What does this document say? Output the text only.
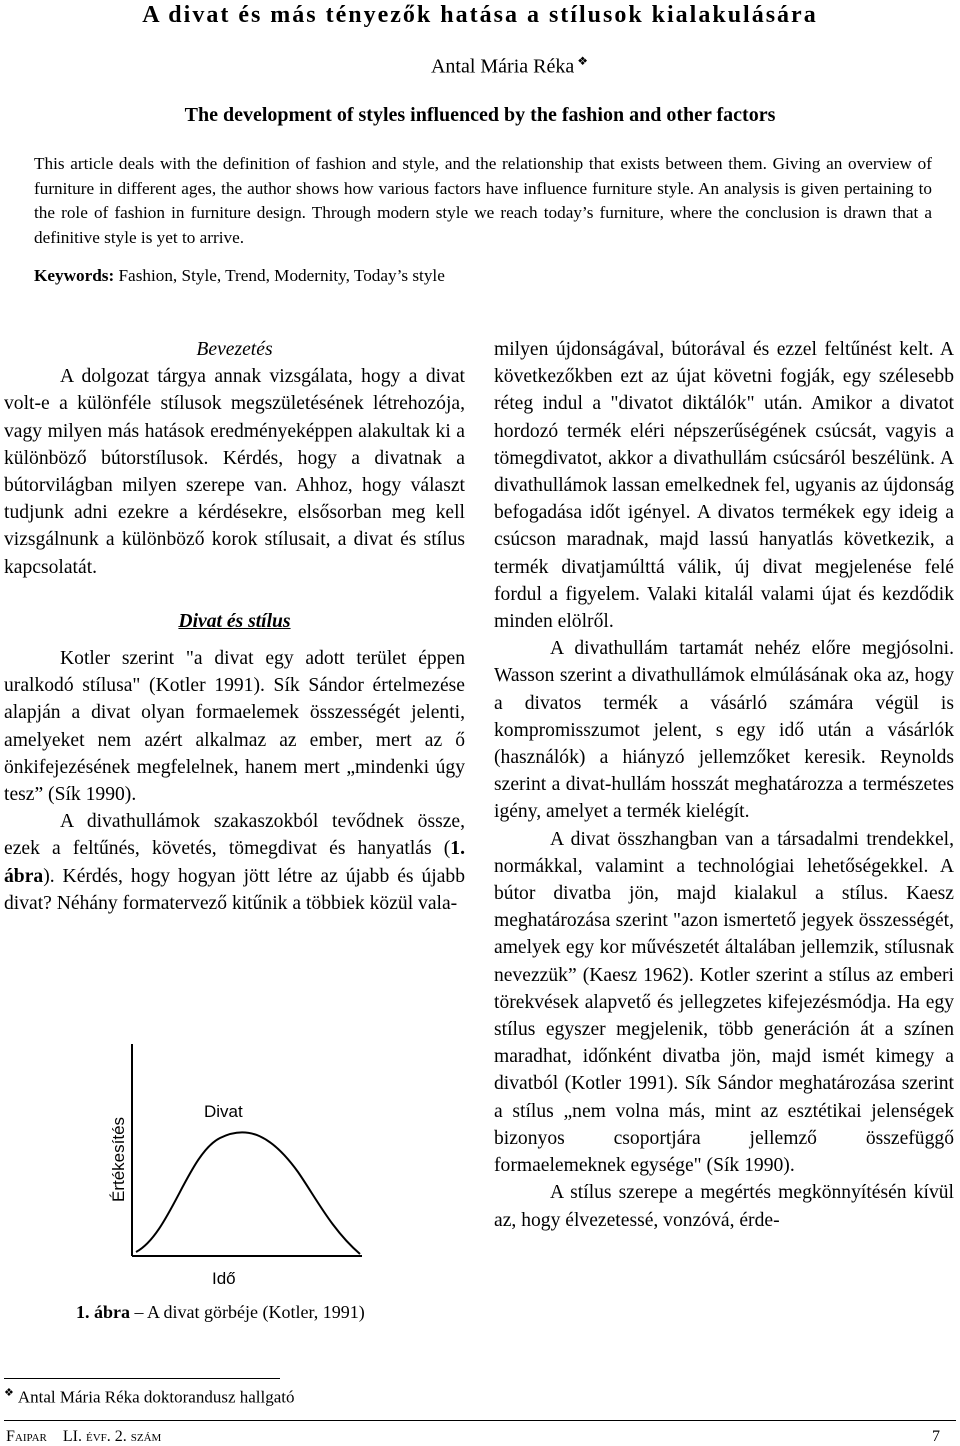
A divat és más tényezők hatása a stílusok kialakulására
Antal Mária Réka ❖
The development of styles influenced by the fashion and other factors

This article deals with the definition of fashion and style, and the relationship that exists between them. Giving an overview of furniture in different ages, the author shows how various factors have influence furniture style. An analysis is given pertaining to the role of fashion in furniture design. Through modern style we reach today’s furniture, where the conclusion is drawn that a definitive style is yet to arrive.

Keywords: Fashion, Style, Trend, Modernity, Today’s style

Bevezetés

A dolgozat tárgya annak vizsgálata, hogy a divat volt-e a különféle stílusok megszületésének létrehozója, vagy milyen más hatások eredményeképpen alakultak ki a különböző bútorstílusok. Kérdés, hogy a divatnak a bútorvilágban milyen szerepe van. Ahhoz, hogy választ tudjunk adni ezekre a kérdésekre, elsősorban meg kell vizsgálnunk a különböző korok stílusait, a divat és stílus kapcsolatát.

Divat és stílus

Kotler szerint "a divat egy adott terület éppen uralkodó stílusa" (Kotler 1991). Sík Sándor értelmezése alapján a divat olyan formaelemek összességét jelenti, amelyeket nem azért alkalmaz az ember, mert az ő önkifejezésének megfelelnek, hanem mert „mindenki úgy tesz” (Sík 1990).

A divathullámok szakaszokból tevődnek össze, ezek a feltűnés, követés, tömegdivat és hanyatlás (1. ábra). Kérdés, hogy hogyan jött létre az újabb és újabb divat? Néhány formatervező kitűnik a többiek közül vala-

milyen újdonságával, bútorával és ezzel feltűnést kelt. A következőkben ezt az újat követni fogják, egy szélesebb réteg indul a "divatot diktálók" után. Amikor a divatot hordozó termék eléri népszerűségének csúcsát, vagyis a tömegdivatot, akkor a divathullám csúcsáról beszélünk. A divathullámok lassan emelkednek fel, ugyanis az újdonság befogadása időt igényel. A divatos termékek egy ideig a csúcson maradnak, majd lassú hanyatlás következik, a termék divatjamúlttá válik, új divat megjelenése felé fordul a figyelem. Valaki kitalál valami újat és kezdődik minden elölről.

A divathullám tartamát nehéz előre megjósolni. Wasson szerint a divathullámok elmúlásának oka az, hogy a divatos termék a vásárló számára végül is kompromisszumot jelent, s egy idő után a vásárlók (használók) a hiányzó jellemzőket keresik. Reynolds szerint a divat-hullám hosszát meghatározza a természetes igény, amelyet a termék kielégít.

A divat összhangban van a társadalmi trendekkel, normákkal, valamint a technológiai lehetőségekkel. A bútor divatba jön, majd kialakul a stílus. Kaesz meghatározása szerint "azon ismertető jegyek összességét, amelyek egy kor művészetét általában jellemzik, stílusnak nevezzük” (Kaesz 1962). Kotler szerint a stílus az emberi törekvések alapvető és jellegzetes kifejezésmódja. Ha egy stílus egyszer megjelenik, több generáción át a színen maradhat, időnként divatba jön, majd ismét kimegy a divatból (Kotler 1991). Sík Sándor meghatározása szerint a stílus „nem volna más, mint az esztétikai jelenségek bizonyos csoportjára jellemző összefüggő formaelemeknek egysége" (Sík 1990).

A stílus szerepe a megértés megkönnyítésén kívül az, hogy élvezetessé, vonzóvá, érde-

Divat
Értékesítés
Idő

1. ábra – A divat görbéje (Kotler, 1991)

❖ Antal Mária Réka doktorandusz hallgató

Faipar    LI. évf. 2. szám	7
